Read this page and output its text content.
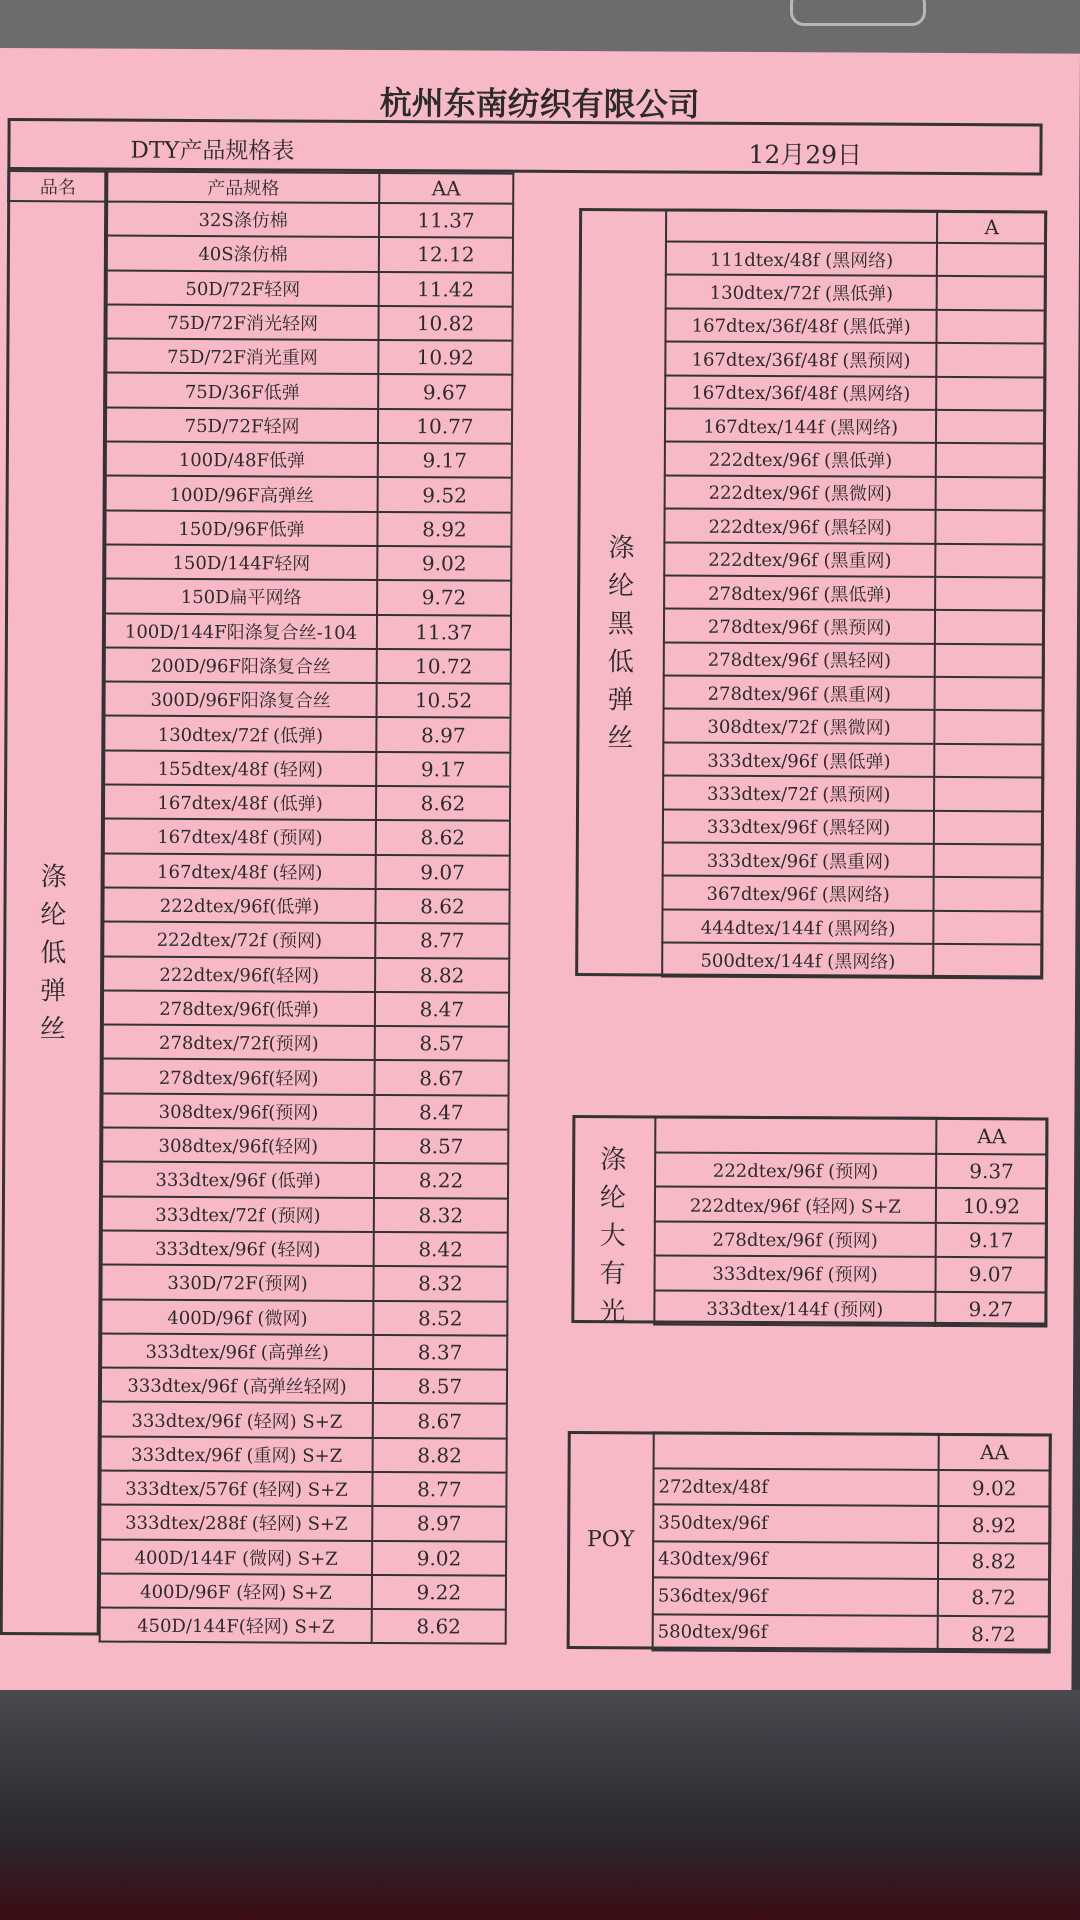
杭州东南纺织有限公司
DTY产品规格表	12月29日
品名	产品规格	AA
	32S涤仿棉	11.37
	40S涤仿棉	12.12
	50D/72F轻网	11.42
	75D/72F消光轻网	10.82
	75D/72F消光重网	10.92
	75D/36F低弹	9.67
	75D/72F轻网	10.77
	100D/48F低弹	9.17
	100D/96F高弹丝	9.52
	150D/96F低弹	8.92
	150D/144F轻网	9.02
	150D扁平网络	9.72
	100D/144F阳涤复合丝-104	11.37
	200D/96F阳涤复合丝	10.72
	300D/96F阳涤复合丝	10.52
	130dtex/72f (低弹)	8.97
	155dtex/48f (轻网)	9.17
	167dtex/48f (低弹)	8.62
	167dtex/48f (预网)	8.62
	167dtex/48f (轻网)	9.07
	222dtex/96f(低弹)	8.62
	222dtex/72f (预网)	8.77
	222dtex/96f(轻网)	8.82
	278dtex/96f(低弹)	8.47
	278dtex/72f(预网)	8.57
	278dtex/96f(轻网)	8.67
	308dtex/96f(预网)	8.47
	308dtex/96f(轻网)	8.57
	333dtex/96f (低弹)	8.22
	333dtex/72f (预网)	8.32
	333dtex/96f (轻网)	8.42
	330D/72F(预网)	8.32
	400D/96f (微网)	8.52
	333dtex/96f (高弹丝)	8.37
	333dtex/96f (高弹丝轻网)	8.57
	333dtex/96f (轻网) S+Z	8.67
	333dtex/96f (重网) S+Z	8.82
	333dtex/576f (轻网) S+Z	8.77
	333dtex/288f (轻网) S+Z	8.97
	400D/144F (微网) S+Z	9.02
	400D/96F (轻网) S+Z	9.22
	450D/144F(轻网) S+Z	8.62
涤
纶
低
弹
丝
涤
纶
黑
低
弹
丝
	A
111dtex/48f (黑网络)	
130dtex/72f (黑低弹)	
167dtex/36f/48f (黑低弹)	
167dtex/36f/48f (黑预网)	
167dtex/36f/48f (黑网络)	
167dtex/144f (黑网络)	
222dtex/96f (黑低弹)	
222dtex/96f (黑微网)	
222dtex/96f (黑轻网)	
222dtex/96f (黑重网)	
278dtex/96f (黑低弹)	
278dtex/96f (黑预网)	
278dtex/96f (黑轻网)	
278dtex/96f (黑重网)	
308dtex/72f (黑微网)	
333dtex/96f (黑低弹)	
333dtex/72f (黑预网)	
333dtex/96f (黑轻网)	
333dtex/96f (黑重网)	
367dtex/96f (黑网络)	
444dtex/144f (黑网络)	
500dtex/144f (黑网络)	
涤
纶
大
有
光
	AA
222dtex/96f (预网)	9.37
222dtex/96f (轻网) S+Z	10.92
278dtex/96f (预网)	9.17
333dtex/96f (预网)	9.07
333dtex/144f (预网)	9.27
POY
	AA
272dtex/48f	9.02
350dtex/96f	8.92
430dtex/96f	8.82
536dtex/96f	8.72
580dtex/96f	8.72
